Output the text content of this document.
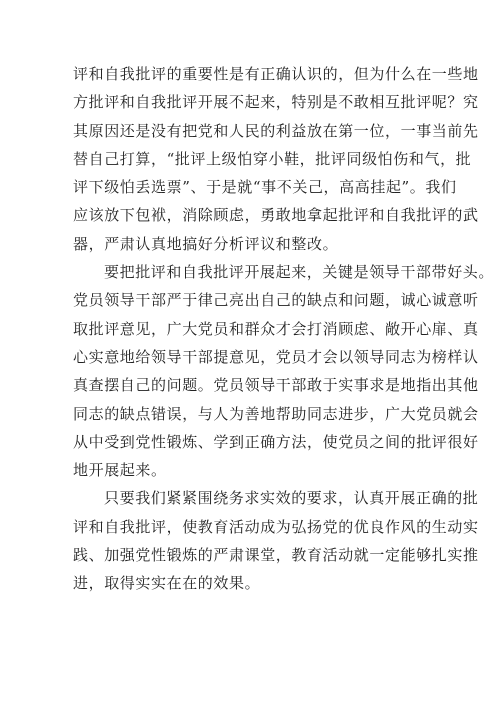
评和自我批评的重要性是有正确认识的，但为什么在一些地
方批评和自我批评开展不起来，特别是不敢相互批评呢？究
其原因还是没有把党和人民的利益放在第一位，一事当前先
替自己打算，“批评上级怕穿小鞋，批评同级怕伤和气，批
评下级怕丢选票”、于是就“事不关己，高高挂起”。我们
应该放下包袱，消除顾虑，勇敢地拿起批评和自我批评的武
器，严肃认真地搞好分析评议和整改。

要把批评和自我批评开展起来，关键是领导干部带好头。
党员领导干部严于律己亮出自己的缺点和问题，诚心诚意听
取批评意见，广大党员和群众才会打消顾虑、敞开心扉、真
心实意地给领导干部提意见，党员才会以领导同志为榜样认
真查摆自己的问题。党员领导干部敢于实事求是地指出其他
同志的缺点错误，与人为善地帮助同志进步，广大党员就会
从中受到党性锻炼、学到正确方法，使党员之间的批评很好
地开展起来。

只要我们紧紧围绕务求实效的要求，认真开展正确的批
评和自我批评，使教育活动成为弘扬党的优良作风的生动实
践、加强党性锻炼的严肃课堂，教育活动就一定能够扎实推
进，取得实实在在的效果。
